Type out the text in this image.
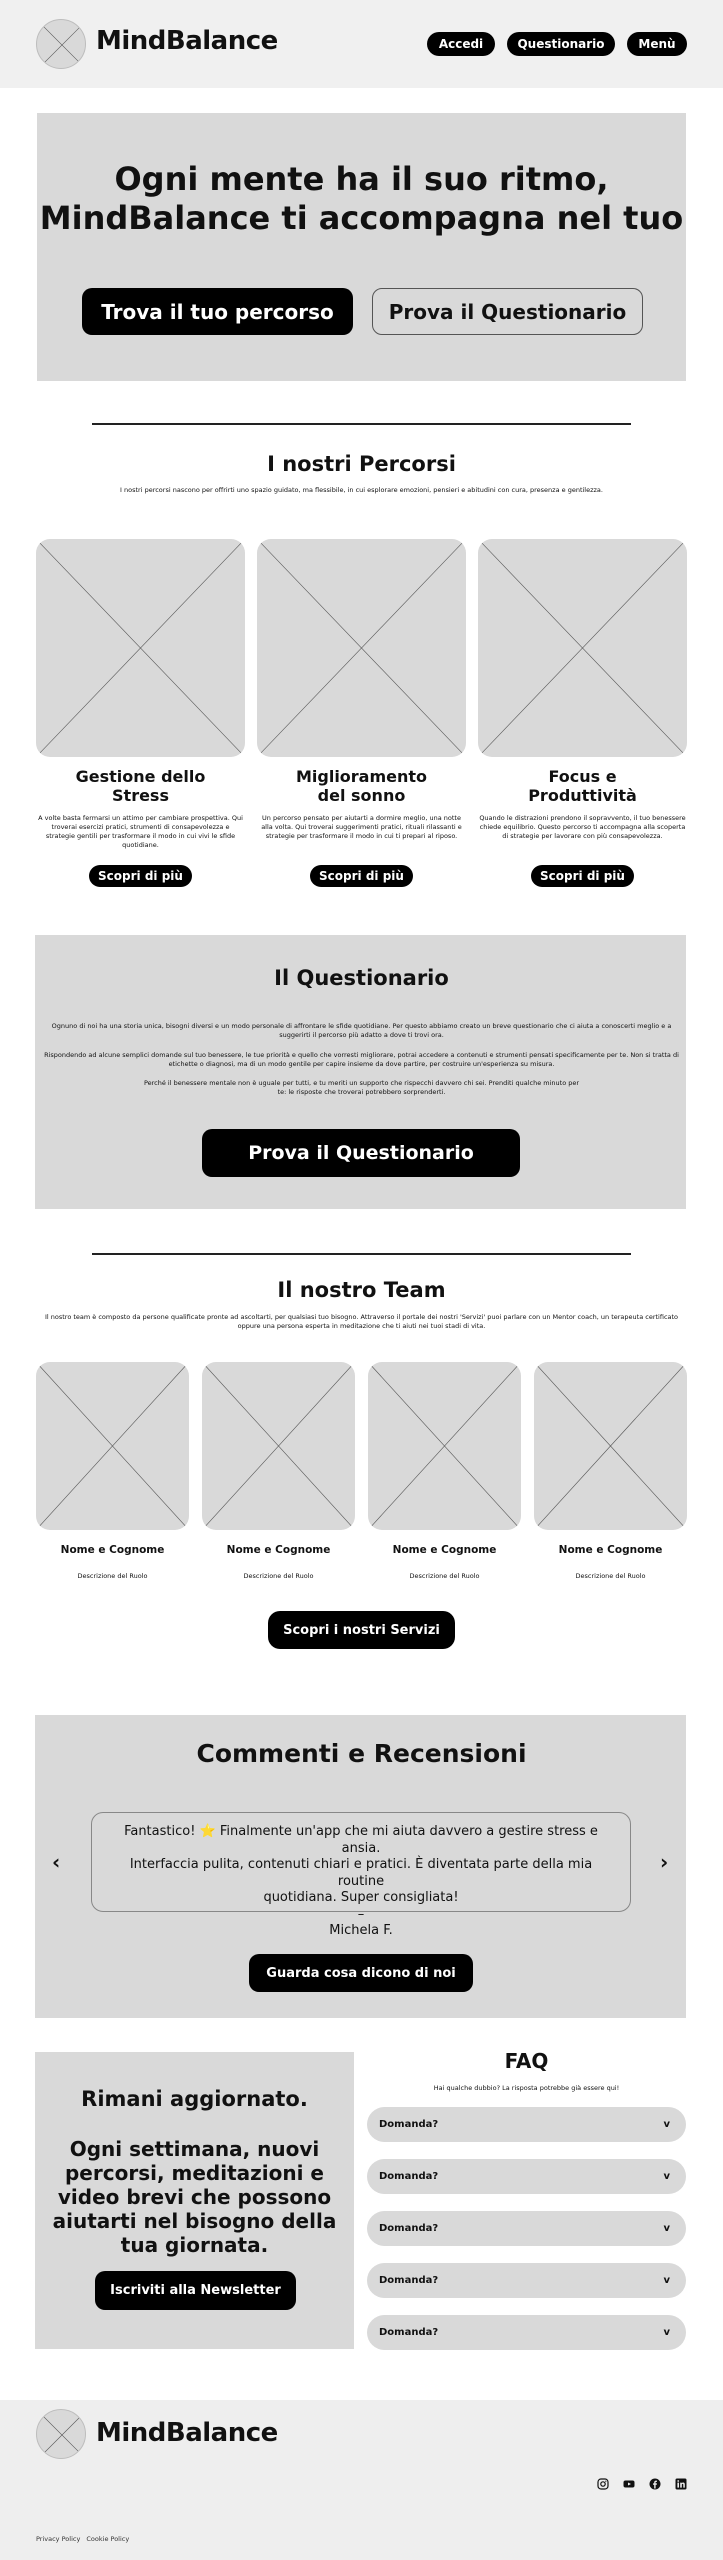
MindBalance	Accedi	Questionario	Menù
Ogni mente ha il suo ritmo,
MindBalance ti accompagna nel tuo
Trova il tuo percorso	Prova il Questionario
I nostri Percorsi
I nostri percorsi nascono per offrirti uno spazio guidato, ma flessibile, in cui esplorare emozioni, pensieri e abitudini con cura, presenza e gentilezza.
Gestione dello
Stress
Miglioramento
del sonno
Focus e
Produttività
A volte basta fermarsi un attimo per cambiare prospettiva. Qui troverai esercizi pratici, strumenti di consapevolezza e strategie gentili per trasformare il modo in cui vivi le sfide quotidiane.
Un percorso pensato per aiutarti a dormire meglio, una notte alla volta. Qui troverai suggerimenti pratici, rituali rilassanti e strategie per trasformare il modo in cui ti prepari al riposo.
Quando le distrazioni prendono il sopravvento, il tuo benessere chiede equilibrio. Questo percorso ti accompagna alla scoperta di strategie per lavorare con più consapevolezza.
Scopri di più	Scopri di più	Scopri di più
Il Questionario
Ognuno di noi ha una storia unica, bisogni diversi e un modo personale di affrontare le sfide quotidiane. Per questo abbiamo creato un breve questionario che ci aiuta a conoscerti meglio e a suggerirti il percorso più adatto a dove ti trovi ora.
Rispondendo ad alcune semplici domande sul tuo benessere, le tue priorità e quello che vorresti migliorare, potrai accedere a contenuti e strumenti pensati specificamente per te. Non si tratta di etichette o diagnosi, ma di un modo gentile per capire insieme da dove partire, per costruire un'esperienza su misura.
Perché il benessere mentale non è uguale per tutti, e tu meriti un supporto che rispecchi davvero chi sei. Prenditi qualche minuto per te: le risposte che troverai potrebbero sorprenderti.
Prova il Questionario
Il nostro Team
Il nostro team è composto da persone qualificate pronte ad ascoltarti, per qualsiasi tuo bisogno. Attraverso il portale dei nostri 'Servizi' puoi parlare con un Mentor coach, un terapeuta certificato oppure una persona esperta in meditazione che ti aiuti nei tuoi stadi di vita.
Nome e Cognome	Nome e Cognome	Nome e Cognome	Nome e Cognome
Descrizione del Ruolo	Descrizione del Ruolo	Descrizione del Ruolo	Descrizione del Ruolo
Scopri i nostri Servizi
Commenti e Recensioni
‹	›
Fantastico! ⭐ Finalmente un'app che mi aiuta davvero a gestire stress e ansia.
Interfaccia pulita, contenuti chiari e pratici. È diventata parte della mia routine
quotidiana. Super consigliata!
–
Michela F.
Guarda cosa dicono di noi
Rimani aggiornato.
Ogni settimana, nuovi percorsi, meditazioni e video brevi che possono aiutarti nel bisogno della tua giornata.
Iscriviti alla Newsletter
FAQ
Hai qualche dubbio? La risposta potrebbe già essere qui!
Domanda?	v
Domanda?	v
Domanda?	v
Domanda?	v
Domanda?	v
MindBalance
Privacy Policy Cookie Policy
